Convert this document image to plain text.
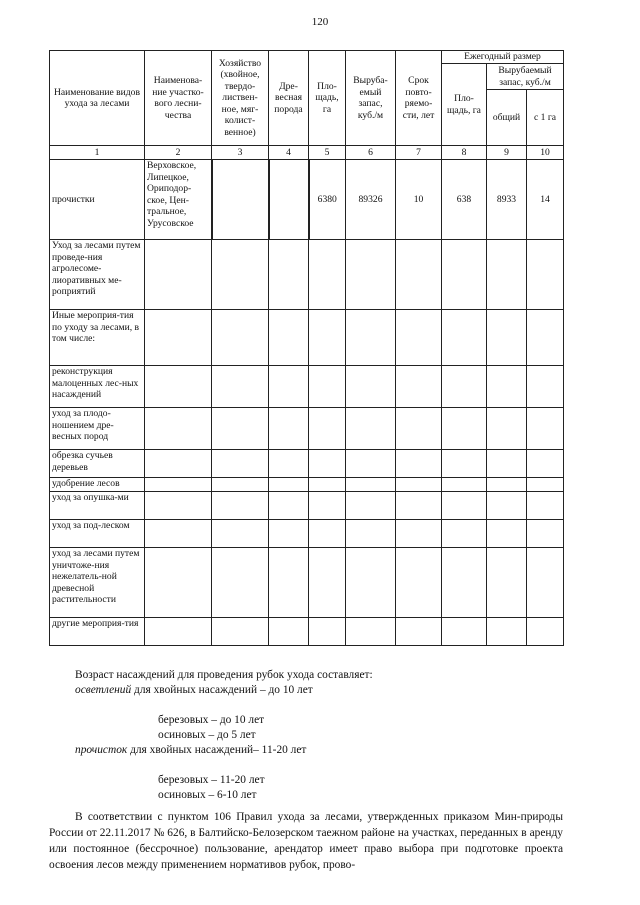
120
Наименование видов ухода за лесами	Наименова-ние участко-вого лесни-чества	Хозяйство (хвойное, твердо-листвен-ное, мяг-колист-венное)	Дре-весная порода	Пло-щадь, га	Выруба-емый запас, куб./м	Срок повто-ряемо-сти, лет	Ежегодный размер		
							Пло-щадь, га	Вырубаемый запас, куб./м	
								общий	с 1 га
1	2	3	4	5	6	7	8	9	10
прочистки	Верховское, Липецкое, Ориподор-ское, Цен-тральное, Урусовское			6380	89326	10	638	8933	14
Уход за лесами путем проведе-ния агролесоме-лиоративных ме-роприятий									
Иные мероприя-тия по уходу за лесами, в том числе:									
реконструкция малоценных лес-ных насаждений									
уход за плодо-ношением дре-весных пород									
обрезка сучьев деревьев									
удобрение лесов									
уход за опушка-ми									
уход за под-леском									
уход за лесами путем уничтоже-ния нежелатель-ной древесной растительности									
другие мероприя-тия									

Возраст насаждений для проведения рубок ухода составляет:

осветлений для хвойных насаждений – до 10 лет

березовых – до 10 лет

осиновых – до 5 лет

прочисток для хвойных насаждений– 11-20 лет

березовых – 11-20 лет

осиновых – 6-10 лет

В соответствии с пунктом 106 Правил ухода за лесами, утвержденных приказом Мин-природы России от 22.11.2017 № 626, в Балтийско-Белозерском таежном районе на участках, переданных в аренду или постоянное (бессрочное) пользование, арендатор имеет право выбора при подготовке проекта освоения лесов между применением нормативов рубок, прово-
